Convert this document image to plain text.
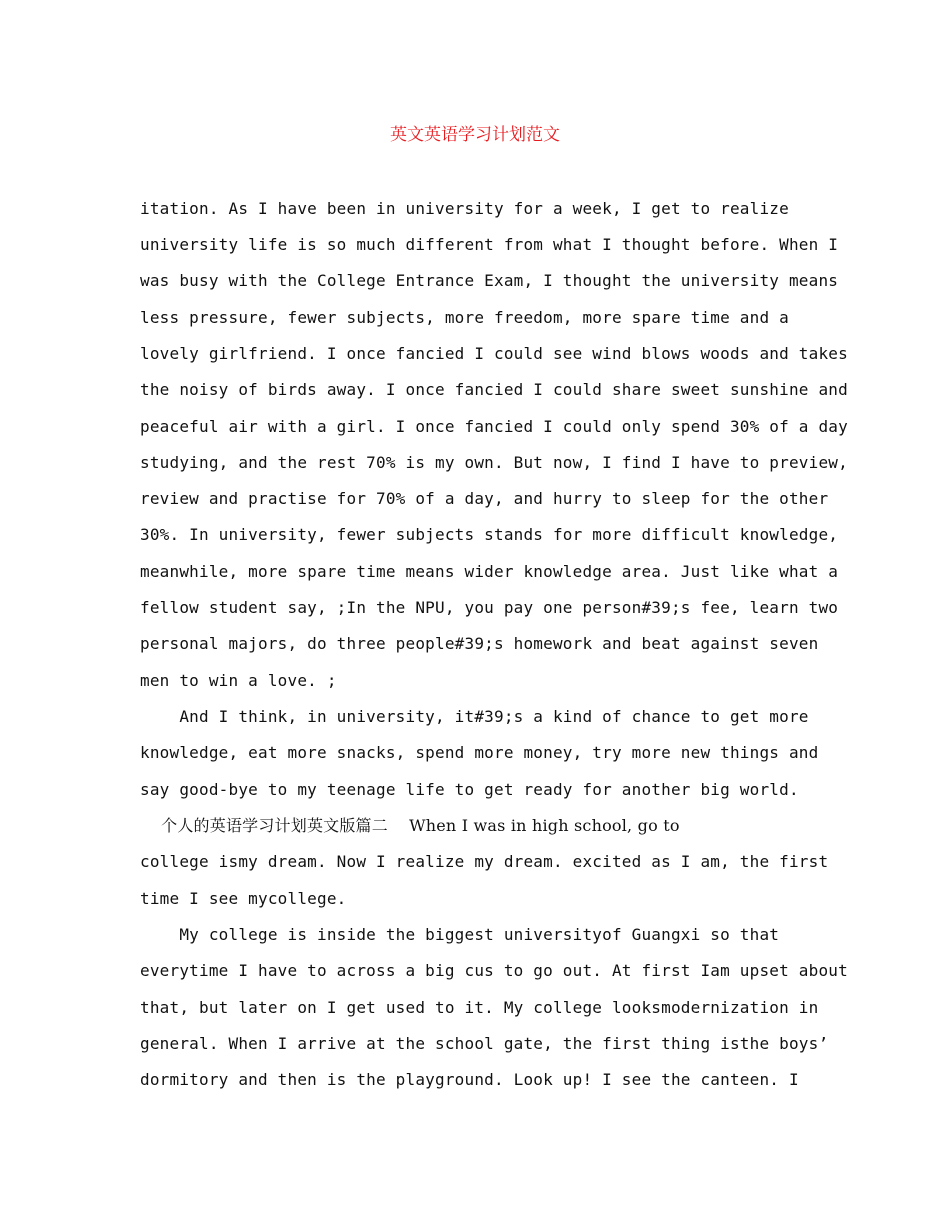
英文英语学习计划范文
itation. As I have been in university for a week, I get to realize
university life is so much different from what I thought before. When I
was busy with the College Entrance Exam, I thought the university means
less pressure, fewer subjects, more freedom, more spare time and a
lovely girlfriend. I once fancied I could see wind blows woods and takes
the noisy of birds away. I once fancied I could share sweet sunshine and
peaceful air with a girl. I once fancied I could only spend 30% of a day
studying, and the rest 70% is my own. But now, I find I have to preview,
review and practise for 70% of a day, and hurry to sleep for the other
30%. In university, fewer subjects stands for more difficult knowledge,
meanwhile, more spare time means wider knowledge area. Just like what a
fellow student say, ;In the NPU, you pay one person#39;s fee, learn two
personal majors, do three people#39;s homework and beat against seven
men to win a love. ;
And I think, in university, it#39;s a kind of chance to get more
knowledge, eat more snacks, spend more money, try more new things and
say good-bye to my teenage life to get ready for another big world.
个人的英语学习计划英文版篇二    When I was in high school, go to
college ismy dream. Now I realize my dream. excited as I am, the first
time I see mycollege.
My college is inside the biggest universityof Guangxi so that
everytime I have to across a big cus to go out. At first Iam upset about
that, but later on I get used to it. My college looksmodernization in
general. When I arrive at the school gate, the first thing isthe boys’
dormitory and then is the playground. Look up! I see the canteen. I
